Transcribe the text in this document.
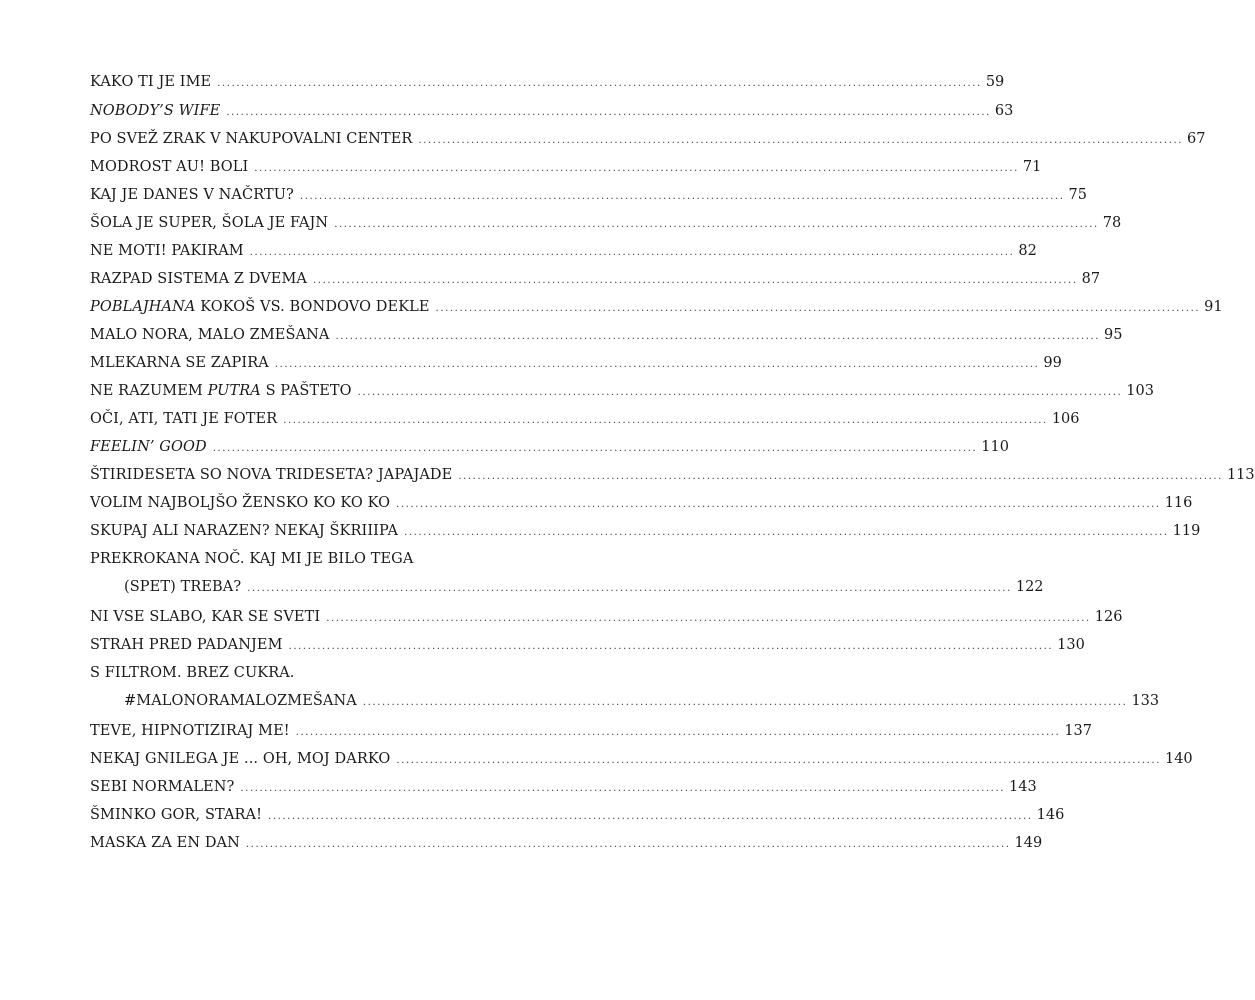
KAKO TI JE IME ................................................................................................................................................................ 59
NOBODY’S WIFE ................................................................................................................................................................ 63
PO SVEŽ ZRAK V NAKUPOVALNI CENTER ................................................................................................................................................................ 67
MODROST AU! BOLI ................................................................................................................................................................ 71
KAJ JE DANES V NAČRTU? ................................................................................................................................................................ 75
ŠOLA JE SUPER, ŠOLA JE FAJN ................................................................................................................................................................ 78
NE MOTI! PAKIRAM ................................................................................................................................................................ 82
RAZPAD SISTEMA Z DVEMA ................................................................................................................................................................ 87
POBLAJHANA KOKOŠ VS. BONDOVO DEKLE ................................................................................................................................................................ 91
MALO NORA, MALO ZMEŠANA ................................................................................................................................................................ 95
MLEKARNA SE ZAPIRA ................................................................................................................................................................ 99
NE RAZUMEM PUTRA S PAŠTETO ................................................................................................................................................................ 103
OČI, ATI, TATI JE FOTER ................................................................................................................................................................ 106
FEELIN’ GOOD ................................................................................................................................................................ 110
ŠTIRIDESETA SO NOVA TRIDESETA? JAPAJADE ................................................................................................................................................................ 113
VOLIM NAJBOLJŠO ŽENSKO KO KO KO ................................................................................................................................................................ 116
SKUPAJ ALI NARAZEN? NEKAJ ŠKRIIIPA ................................................................................................................................................................ 119
PREKROKANA NOČ. KAJ MI JE BILO TEGA
(SPET) TREBA? ................................................................................................................................................................ 122
NI VSE SLABO, KAR SE SVETI ................................................................................................................................................................ 126
STRAH PRED PADANJEM ................................................................................................................................................................ 130
S FILTROM. BREZ CUKRA.
#MALONORAMALOZMEŠANA ................................................................................................................................................................ 133
TEVE, HIPNOTIZIRAJ ME! ................................................................................................................................................................ 137
NEKAJ GNILEGA JE ... OH, MOJ DARKO ................................................................................................................................................................ 140
SEBI NORMALEN? ................................................................................................................................................................ 143
ŠMINKO GOR, STARA! ................................................................................................................................................................ 146
MASKA ZA EN DAN ................................................................................................................................................................ 149
